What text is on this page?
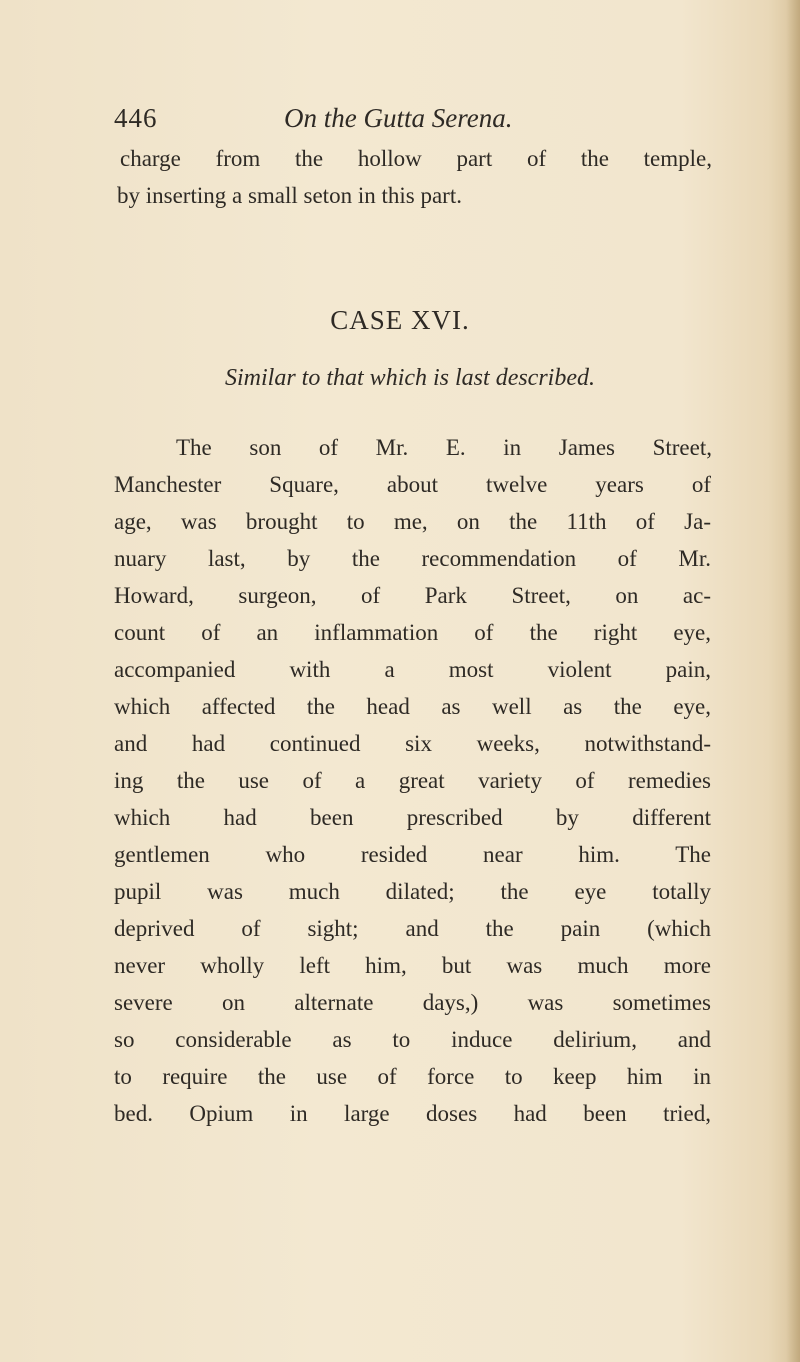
446	On the Gutta Serena.
charge from the hollow part of the temple,
by inserting a small seton in this part.
CASE XVI.
Similar to that which is last described.
The son of Mr. E. in James Street,
Manchester Square, about twelve years of
age, was brought to me, on the 11th of Ja-
nuary last, by the recommendation of Mr.
Howard, surgeon, of Park Street, on ac-
count of an inflammation of the right eye,
accompanied with a most violent pain,
which affected the head as well as the eye,
and had continued six weeks, notwithstand-
ing the use of a great variety of remedies
which had been prescribed by different
gentlemen who resided near him. The
pupil was much dilated; the eye totally
deprived of sight; and the pain (which
never wholly left him, but was much more
severe on alternate days,) was sometimes
so considerable as to induce delirium, and
to require the use of force to keep him in
bed. Opium in large doses had been tried,
